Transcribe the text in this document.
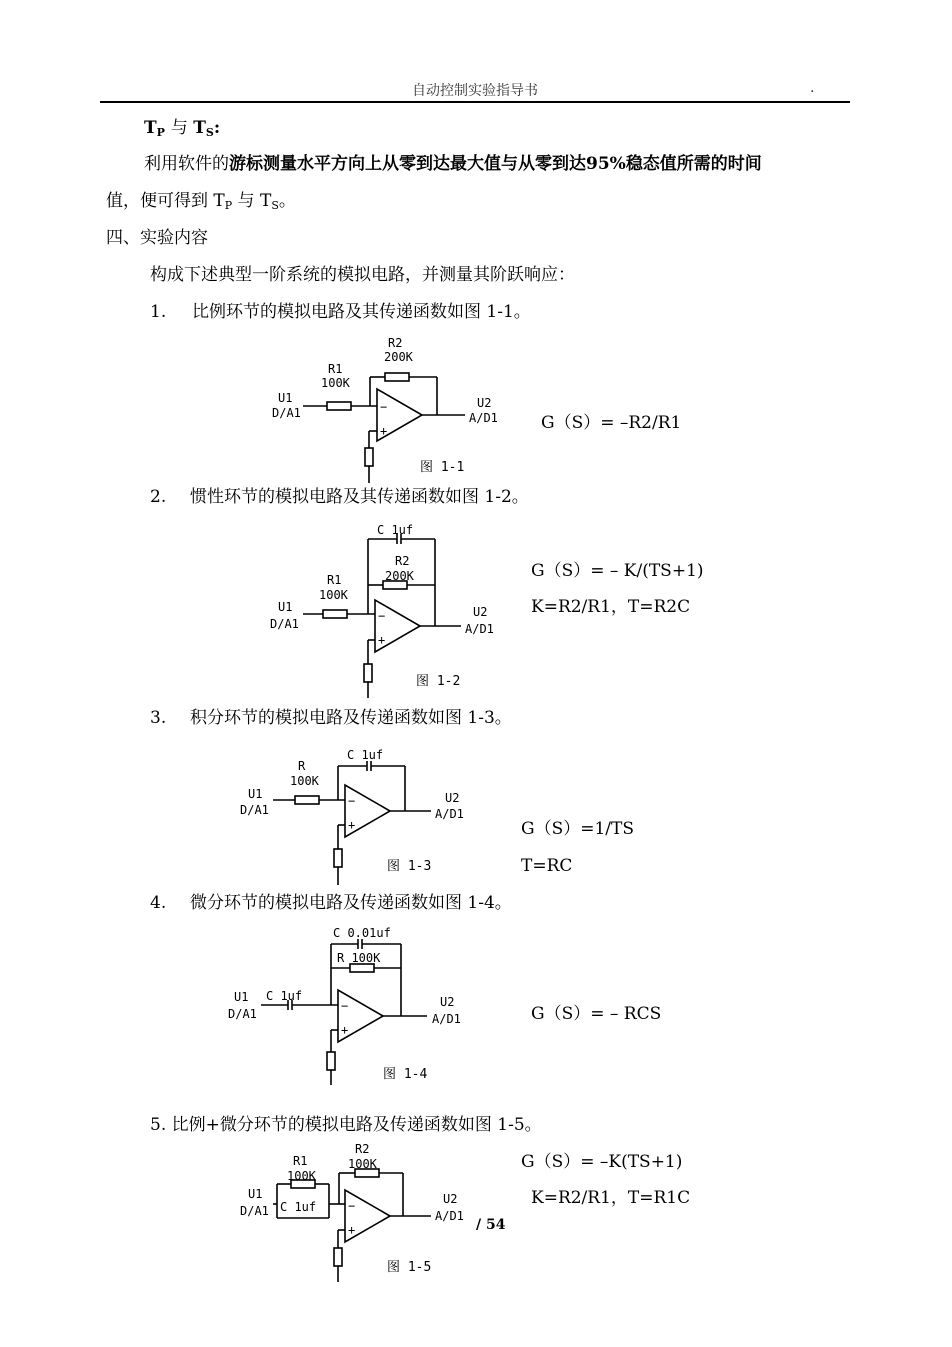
自动控制实验指导书	.
$T_P$ 与 $T_S$:
利用软件的游标测量水平方向上从零到达最大值与从零到达95%稳态值所需的时间
值，便可得到 $T_P$ 与 $T_S$。
四、实验内容
构成下述典型一阶系统的模拟电路，并测量其阶跃响应：
1. 比例环节的模拟电路及其传递函数如图 1-1。
R2
200K
R1
100K
U1
D/A1
U2
A/D1
−
+
图 1-1
G（S）= –R2/R1
2. 惯性环节的模拟电路及其传递函数如图 1-2。
C 1uf
R2
200K
R1
100K
U1
D/A1
U2
A/D1
−
+
图 1-2
G（S）= – K/(TS+1)
K=R2/R1，T=R2C
3. 积分环节的模拟电路及传递函数如图 1-3。
C 1uf
R
100K
U1
D/A1
U2
A/D1
−
+
图 1-3
G（S）=1/TS
T=RC
4. 微分环节的模拟电路及传递函数如图 1-4。
C 0.01uf
R 100K
U1 C 1uf
D/A1
U2
A/D1
−
+
图 1-4
G（S）= – RCS
5. 比例+微分环节的模拟电路及传递函数如图 1-5。
R2
100K
R1
100K
U1
D/A1 C 1uf
U2
A/D1
−
+
图 1-5
G（S）= –K(TS+1)
K=R2/R1，T=R1C
/ 54
